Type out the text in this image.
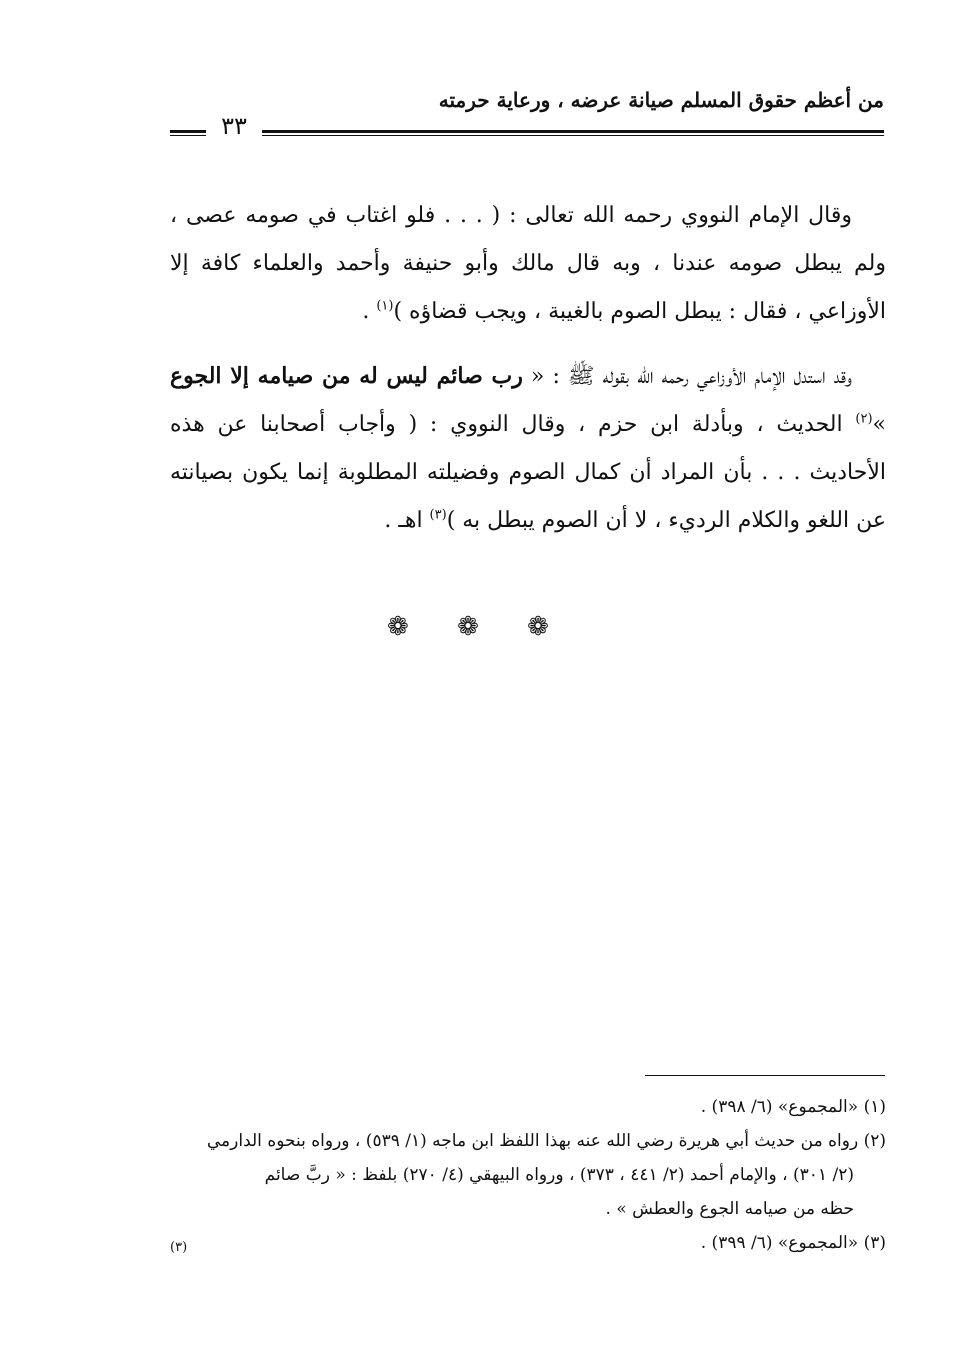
من أعظم حقوق المسلم صيانة عرضه ، ورعاية حرمته
٣٣

وقال الإمام النووي رحمه الله تعالى : ( . . . فلو اغتاب في صومه عصى ، ولم يبطل صومه عندنا ، وبه قال مالك وأبو حنيفة وأحمد والعلماء كافة إلا الأوزاعي ، فقال : يبطل الصوم بالغيبة ، ويجب قضاؤه )$^{(١)}$ .

وقد استدل الإمام الأوزاعي رحمه الله بقوله ﷺ : « رب صائم ليس له من صيامه إلا الجوع »$^{(٢)}$ الحديث ، وبأدلة ابن حزم ، وقال النووي : ( وأجاب أصحابنا عن هذه الأحاديث . . . بأن المراد أن كمال الصوم وفضيلته المطلوبة إنما يكون بصيانته عن اللغو والكلام الرديء ، لا أن الصوم يبطل به )$^{(٣)}$ اهـ .

❁ ❁ ❁

(١) «المجموع» (٦/ ٣٩٨) .

(٢) رواه من حديث أبي هريرة رضي الله عنه بهذا اللفظ ابن ماجه (١/ ٥٣٩) ، ورواه بنحوه الدارمي

(٢/ ٣٠١) ، والإمام أحمد (٢/ ٤٤١ ، ٣٧٣) ، ورواه البيهقي (٤/ ٢٧٠) بلفظ : « ربَّ صائم

حظه من صيامه الجوع والعطش » .

(٣) «المجموع» (٦/ ٣٩٩) .

(٣)
